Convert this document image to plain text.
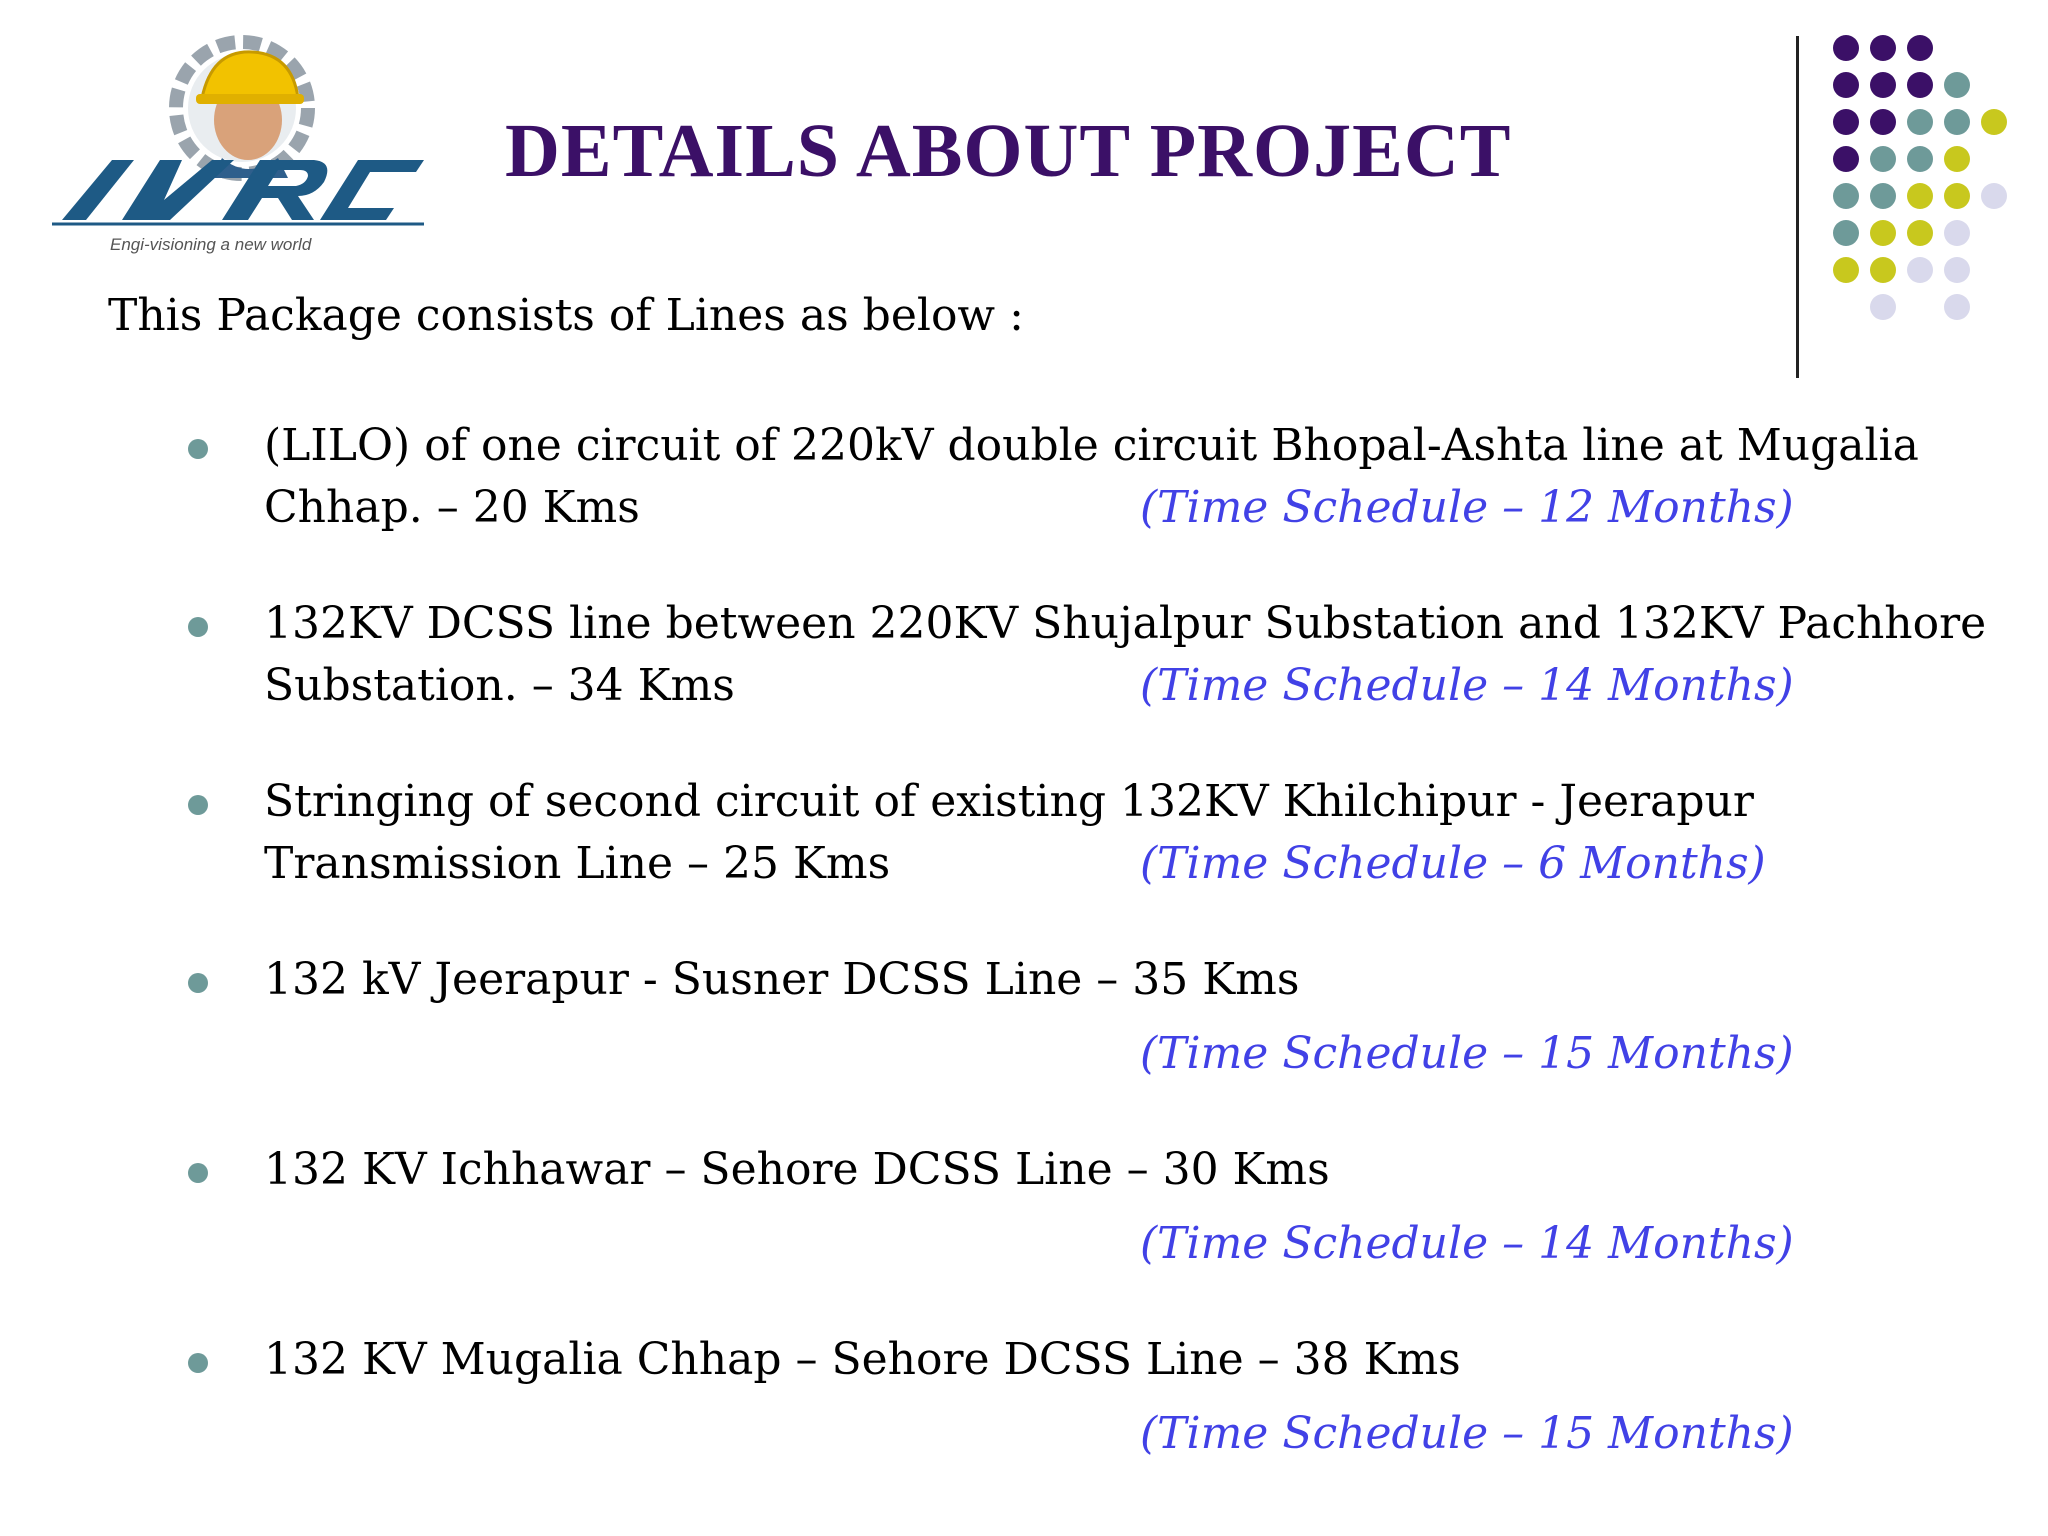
Engi-visioning a new world
DETAILS ABOUT PROJECT

This Package consists of Lines as below :

(LILO) of one circuit of 220kV double circuit Bhopal-Ashta line at Mugalia
Chhap. – 20 Kms	(Time Schedule – 12 Months)
132KV DCSS line between 220KV Shujalpur Substation and 132KV Pachhore
Substation. – 34 Kms	(Time Schedule – 14 Months)
Stringing of second circuit of existing 132KV Khilchipur - Jeerapur
Transmission Line – 25 Kms	(Time Schedule – 6 Months)
132 kV Jeerapur - Susner DCSS Line – 35 Kms
(Time Schedule – 15 Months)
132 KV Ichhawar – Sehore DCSS Line – 30 Kms
(Time Schedule – 14 Months)
132 KV Mugalia Chhap – Sehore DCSS Line – 38 Kms
(Time Schedule – 15 Months)
